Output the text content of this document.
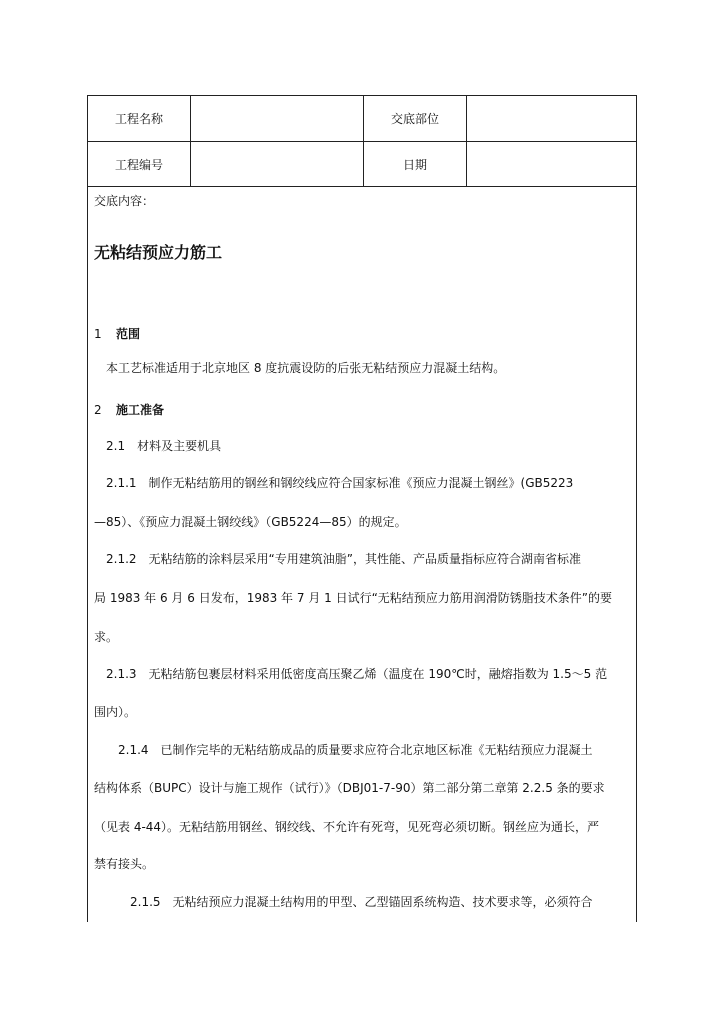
工程名称	交底部位
工程编号	日期
交底内容：
无粘结预应力筋工
1 范围
本工艺标准适用于北京地区 8 度抗震设防的后张无粘结预应力混凝土结构。
2 施工准备
2.1　材料及主要机具
2.1.1　制作无粘结筋用的钢丝和钢绞线应符合国家标准《预应力混凝土钢丝》(GB5223
—85）、《预应力混凝土钢绞线》（GB5224—85）的规定。
2.1.2　无粘结筋的涂料层采用“专用建筑油脂”，其性能、产品质量指标应符合湖南省标准
局 1983 年 6 月 6 日发布，1983 年 7 月 1 日试行“无粘结预应力筋用润滑防锈脂技术条件”的要
求。
2.1.3　无粘结筋包裹层材料采用低密度高压聚乙烯（温度在 190℃时，融熔指数为 1.5～5 范
围内）。
2.1.4　已制作完毕的无粘结筋成品的质量要求应符合北京地区标准《无粘结预应力混凝土
结构体系（BUPC）设计与施工规作（试行）》（DBJ01-7-90）第二部分第二章第 2.2.5 条的要求
（见表 4-44）。无粘结筋用钢丝、钢绞线、不允许有死弯，见死弯必须切断。钢丝应为通长，严
禁有接头。
2.1.5　无粘结预应力混凝土结构用的甲型、乙型锚固系统构造、技术要求等，必须符合
